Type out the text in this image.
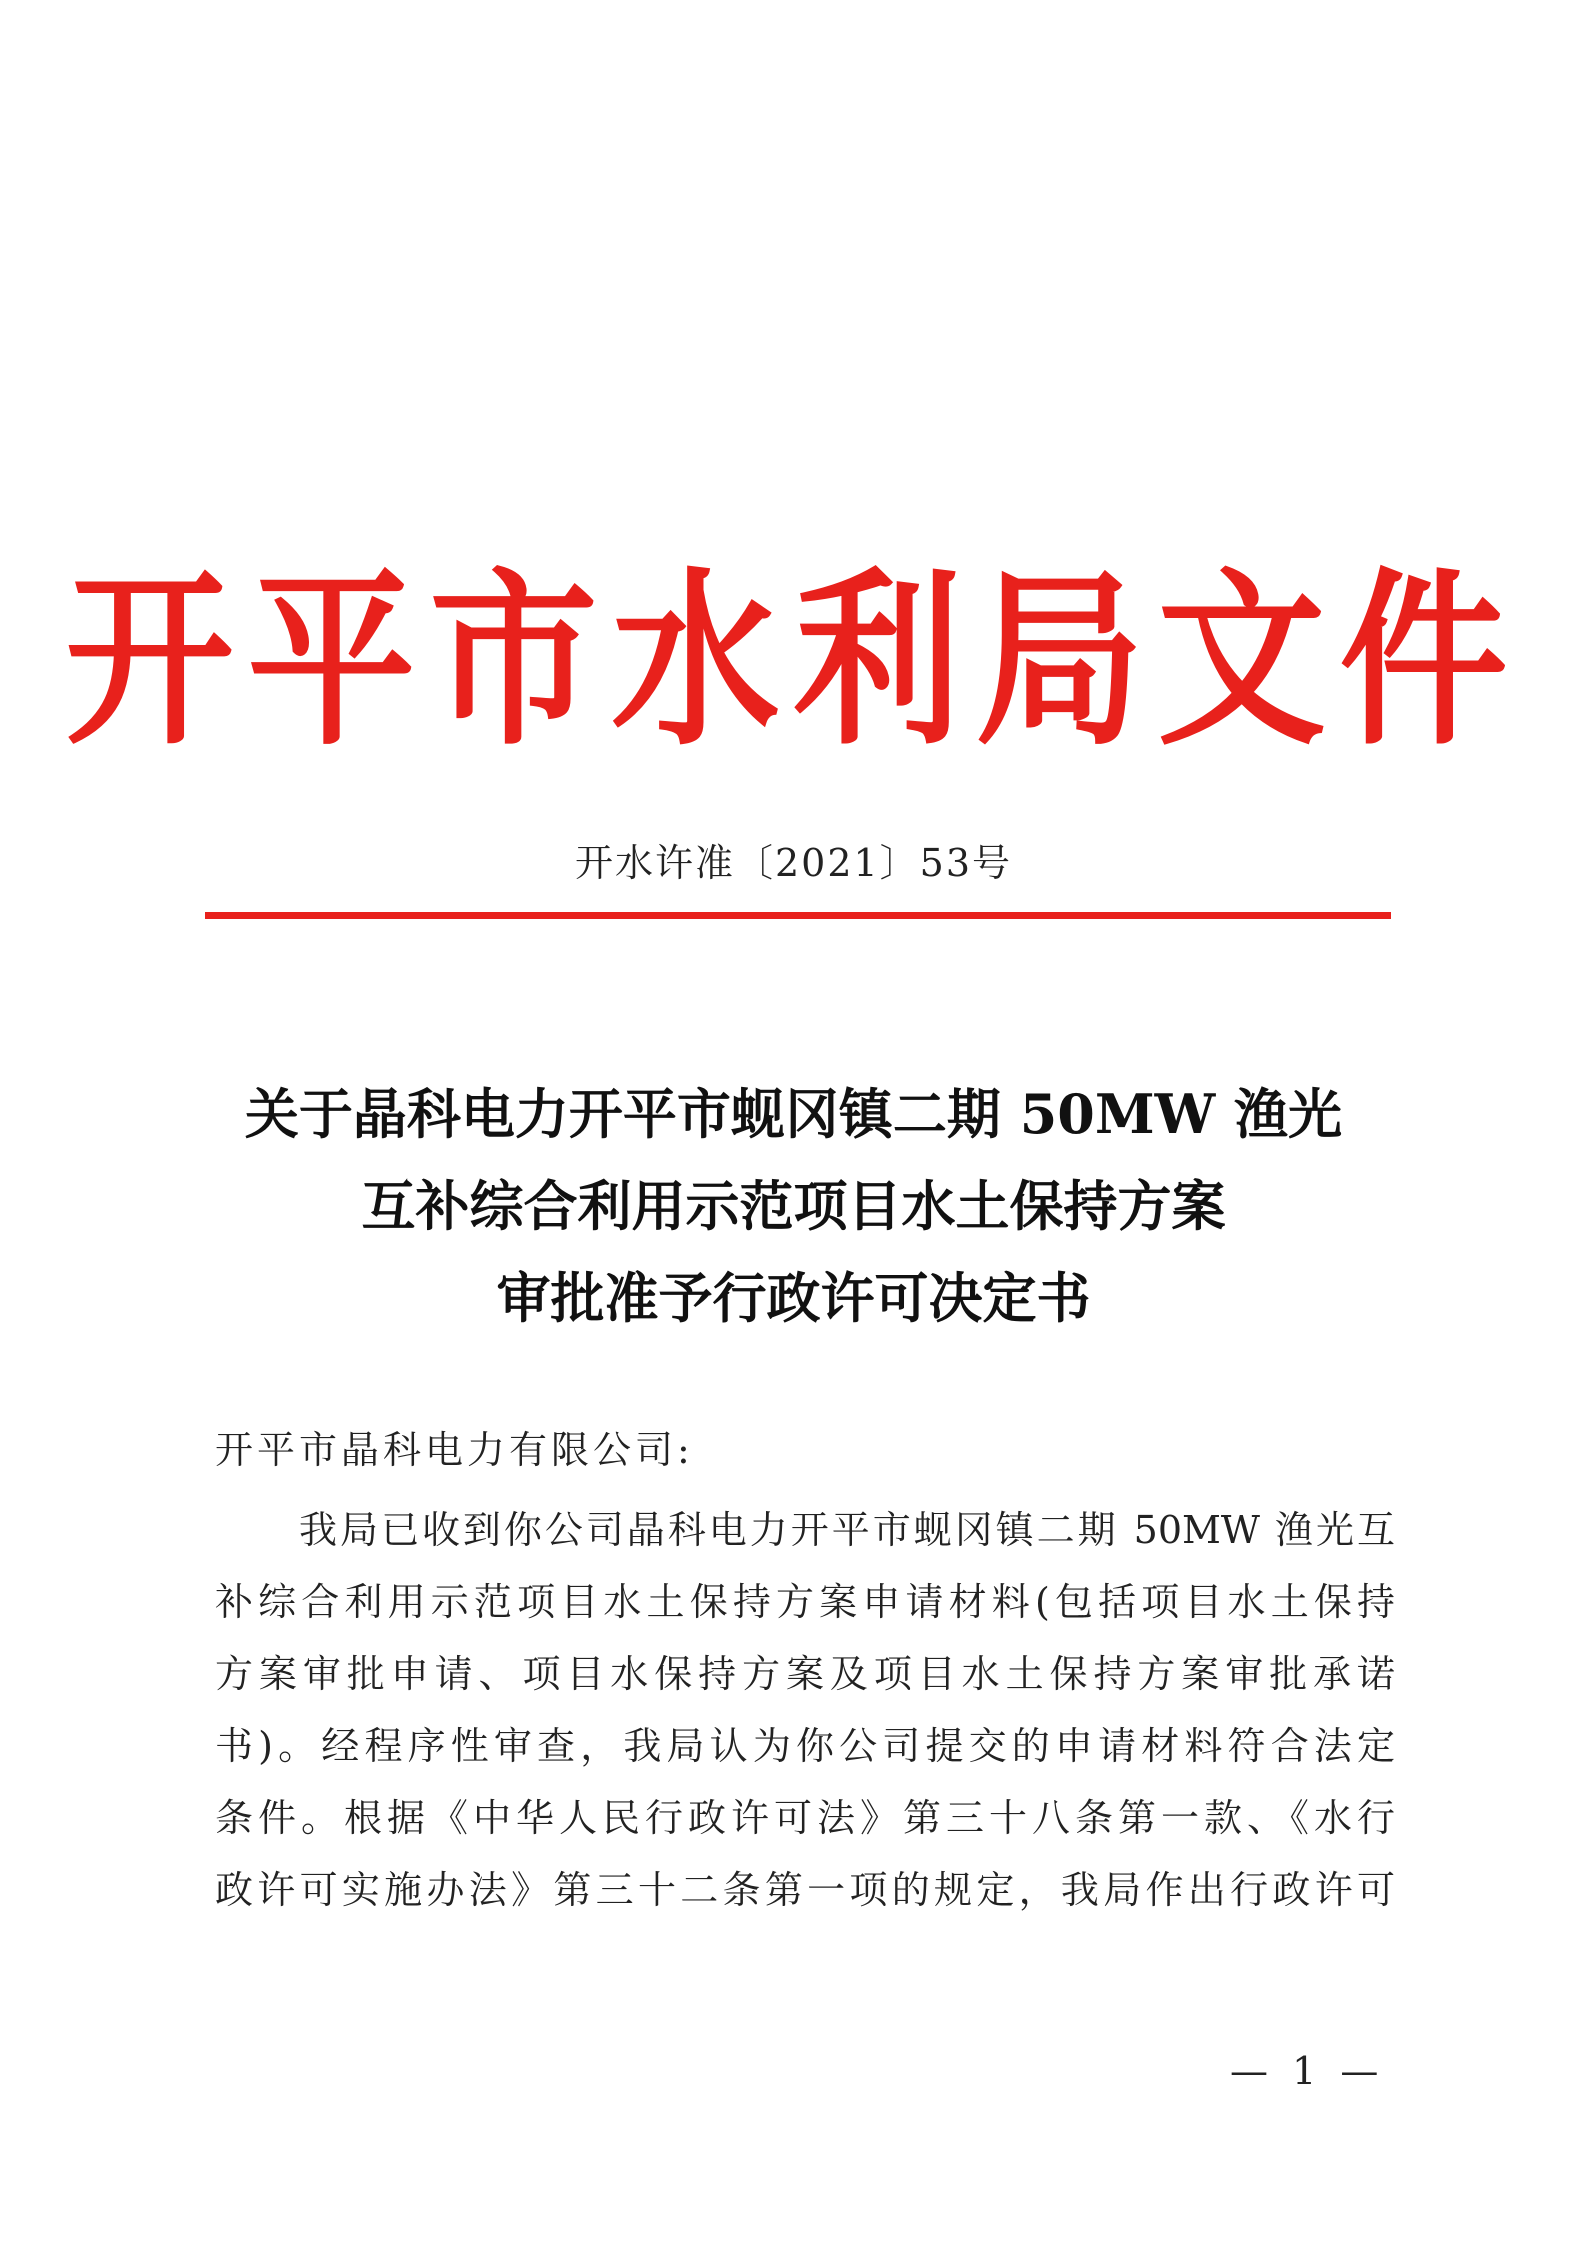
开平市水利局文件
开水许准〔2021〕53号
关于晶科电力开平市蚬冈镇二期 50MW 渔光
互补综合利用示范项目水土保持方案
审批准予行政许可决定书
开平市晶科电力有限公司:
我局已收到你公司晶科电力开平市蚬冈镇二期 50MW 渔光互
补综合利用示范项目水土保持方案申请材料(包括项目水土保持
方案审批申请、项目水保持方案及项目水土保持方案审批承诺
书)。经程序性审查，我局认为你公司提交的申请材料符合法定
条件。根据《中华人民行政许可法》第三十八条第一款、《水行
政许可实施办法》第三十二条第一项的规定，我局作出行政许可
— 1 —
